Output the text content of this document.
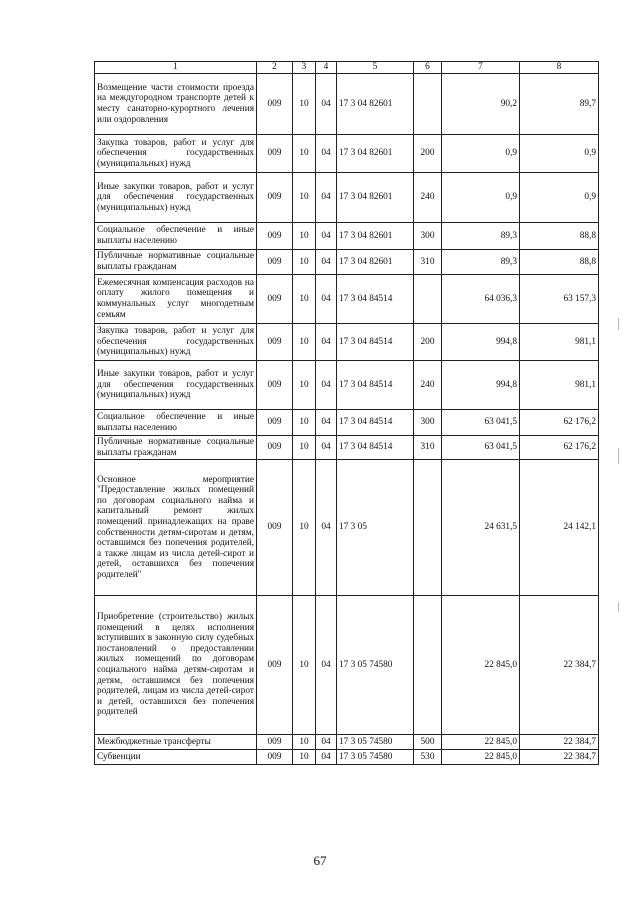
1	2	3	4	5	6	7	8
Возмещение части стоимости проезда на междугородном транспорте детей к месту санаторно-курортного лечения или оздоровления	009	10	04	17 3 04 82601		90,2	89,7
Закупка товаров, работ и услуг для обеспечения государственных (муниципальных) нужд	009	10	04	17 3 04 82601	200	0,9	0,9
Иные закупки товаров, работ и услуг для обеспечения государственных (муниципальных) нужд	009	10	04	17 3 04 82601	240	0,9	0,9
Социальное обеспечение и иные выплаты населению	009	10	04	17 3 04 82601	300	89,3	88,8
Публичные нормативные социальные выплаты гражданам	009	10	04	17 3 04 82601	310	89,3	88,8
Ежемесячная компенсация расходов на оплату жилого помещения и коммунальных услуг многодетным семьям	009	10	04	17 3 04 84514		64 036,3	63 157,3
Закупка товаров, работ и услуг для обеспечения государственных (муниципальных) нужд	009	10	04	17 3 04 84514	200	994,8	981,1
Иные закупки товаров, работ и услуг для обеспечения государственных (муниципальных) нужд	009	10	04	17 3 04 84514	240	994,8	981,1
Социальное обеспечение и иные выплаты населению	009	10	04	17 3 04 84514	300	63 041,5	62 176,2
Публичные нормативные социальные выплаты гражданам	009	10	04	17 3 04 84514	310	63 041,5	62 176,2
Основное мероприятие "Предоставление жилых помещений по договорам социального найма и капитальный ремонт жилых помещений принадлежащих на праве собственности детям-сиротам и детям, оставшимся без попечения родителей, а также лицам из числа детей-сирот и детей, оставшихся без попечения родителей"	009	10	04	17 3 05		24 631,5	24 142,1
Приобретение (строительство) жилых помещений в целях исполнения вступивших в законную силу судебных постановлений о предоставлении жилых помещений по договорам социального найма детям-сиротам и детям, оставшимся без попечения родителей, лицам из числа детей-сирот и детей, оставшихся без попечения родителей	009	10	04	17 3 05 74580		22 845,0	22 384,7
Межбюджетные трансферты	009	10	04	17 3 05 74580	500	22 845,0	22 384,7
Субвенции	009	10	04	17 3 05 74580	530	22 845,0	22 384,7
67
